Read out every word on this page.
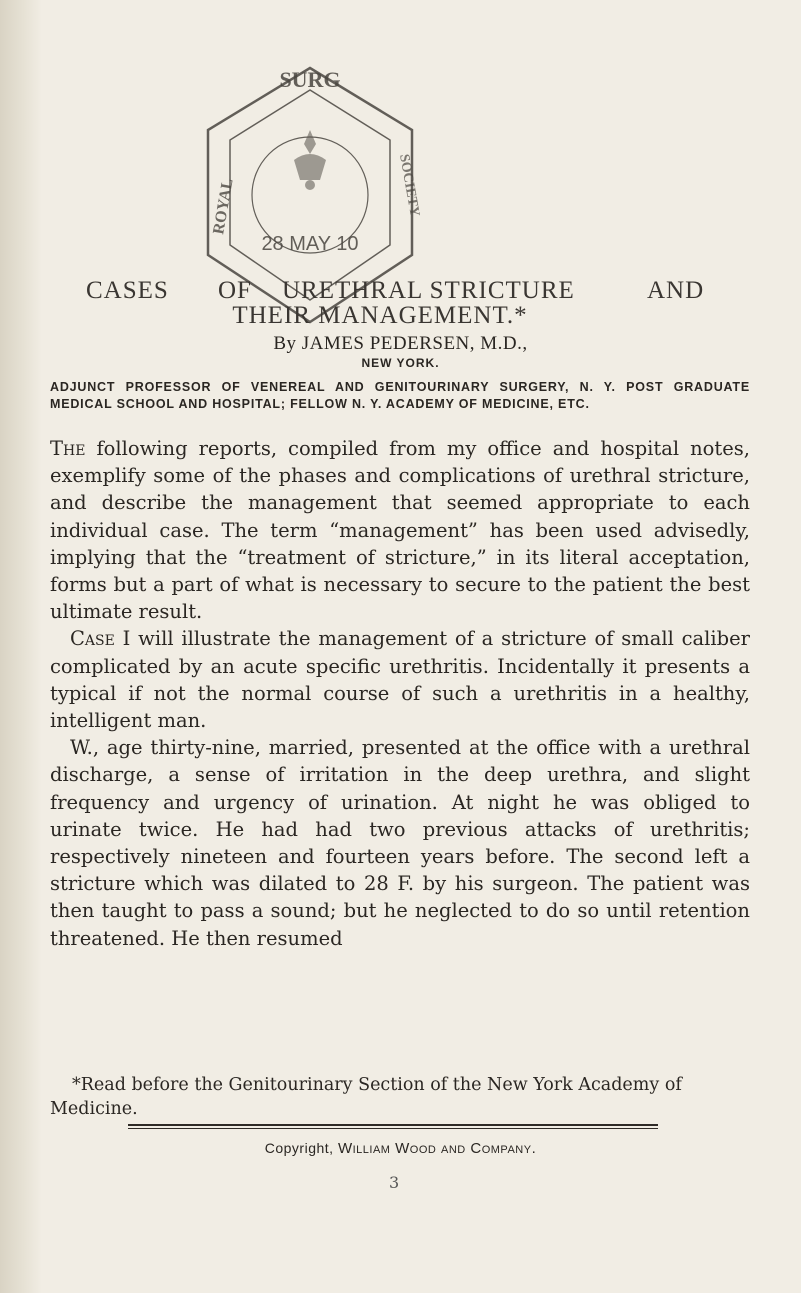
SURG
ROYAL	SOCIETY
28 MAY 10
CASES OF URETHRAL STRICTURE	AND
THEIR MANAGEMENT.*
By JAMES PEDERSEN, M.D.,
NEW YORK.
ADJUNCT PROFESSOR OF VENEREAL AND GENITOURINARY SURGERY, N. Y. POST GRADUATE MEDICAL SCHOOL AND HOSPITAL; FELLOW N. Y. ACADEMY OF MEDICINE, ETC.

The following reports, compiled from my office and hospital notes, exemplify some of the phases and complications of urethral stricture, and describe the management that seemed appropriate to each individual case. The term “management” has been used advisedly, implying that the “treatment of stricture,” in its literal acceptation, forms but a part of what is necessary to secure to the patient the best ultimate result.

Case I will illustrate the management of a stricture of small caliber complicated by an acute specific urethritis. Incidentally it presents a typical if not the normal course of such a urethritis in a healthy, intelligent man.

W., age thirty-nine, married, presented at the office with a urethral discharge, a sense of irritation in the deep urethra, and slight frequency and urgency of urination. At night he was obliged to urinate twice. He had had two previous attacks of urethritis; respectively nineteen and fourteen years before. The second left a stricture which was dilated to 28 F. by his surgeon. The patient was then taught to pass a sound; but he neglected to do so until retention threatened. He then resumed

*Read before the Genitourinary Section of the New York Academy of Medicine.
Copyright, William Wood and Company.
3
